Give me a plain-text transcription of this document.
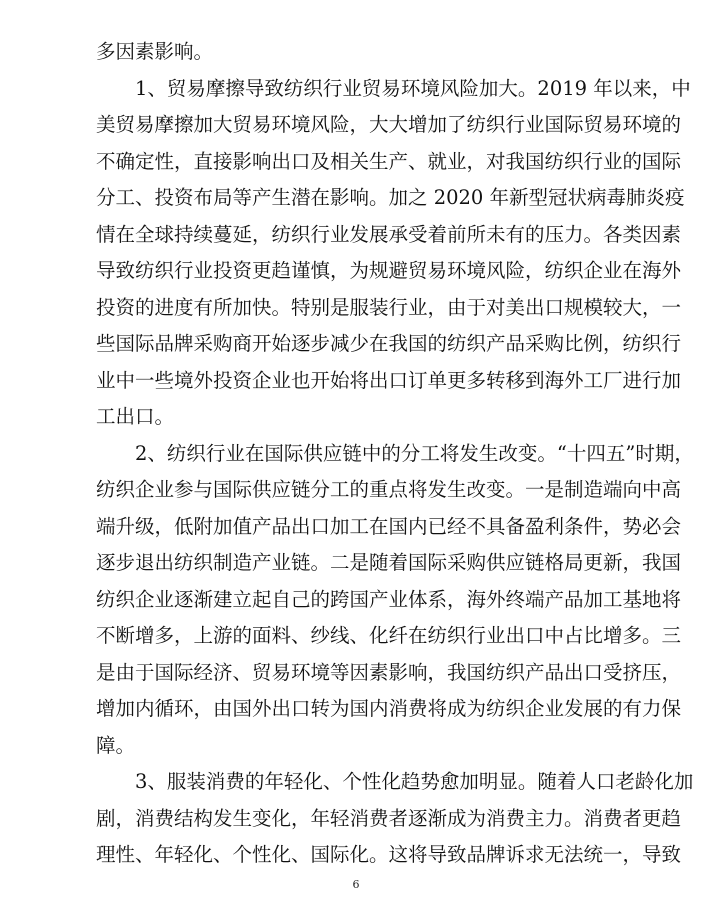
多因素影响。
1、贸易摩擦导致纺织行业贸易环境风险加大。2019 年以来，中
美贸易摩擦加大贸易环境风险，大大增加了纺织行业国际贸易环境的
不确定性，直接影响出口及相关生产、就业，对我国纺织行业的国际
分工、投资布局等产生潜在影响。加之 2020 年新型冠状病毒肺炎疫
情在全球持续蔓延，纺织行业发展承受着前所未有的压力。各类因素
导致纺织行业投资更趋谨慎，为规避贸易环境风险，纺织企业在海外
投资的进度有所加快。特别是服装行业，由于对美出口规模较大，一
些国际品牌采购商开始逐步减少在我国的纺织产品采购比例，纺织行
业中一些境外投资企业也开始将出口订单更多转移到海外工厂进行加
工出口。
2、纺织行业在国际供应链中的分工将发生改变。“十四五”时期，
纺织企业参与国际供应链分工的重点将发生改变。一是制造端向中高
端升级，低附加值产品出口加工在国内已经不具备盈利条件，势必会
逐步退出纺织制造产业链。二是随着国际采购供应链格局更新，我国
纺织企业逐渐建立起自己的跨国产业体系，海外终端产品加工基地将
不断增多，上游的面料、纱线、化纤在纺织行业出口中占比增多。三
是由于国际经济、贸易环境等因素影响，我国纺织产品出口受挤压，
增加内循环，由国外出口转为国内消费将成为纺织企业发展的有力保
障。
3、服装消费的年轻化、个性化趋势愈加明显。随着人口老龄化加
剧，消费结构发生变化，年轻消费者逐渐成为消费主力。消费者更趋
理性、年轻化、个性化、国际化。这将导致品牌诉求无法统一，导致
6
